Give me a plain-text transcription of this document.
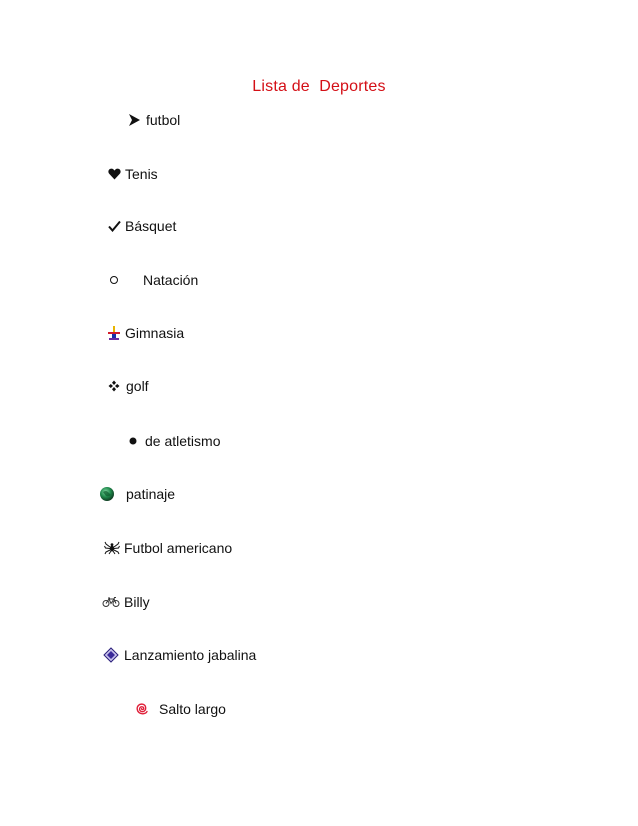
Lista de  Deportes
futbol
Tenis
Básquet
Natación
Gimnasia
golf
de atletismo
patinaje
Futbol americano
Billy
Lanzamiento jabalina
Salto largo
